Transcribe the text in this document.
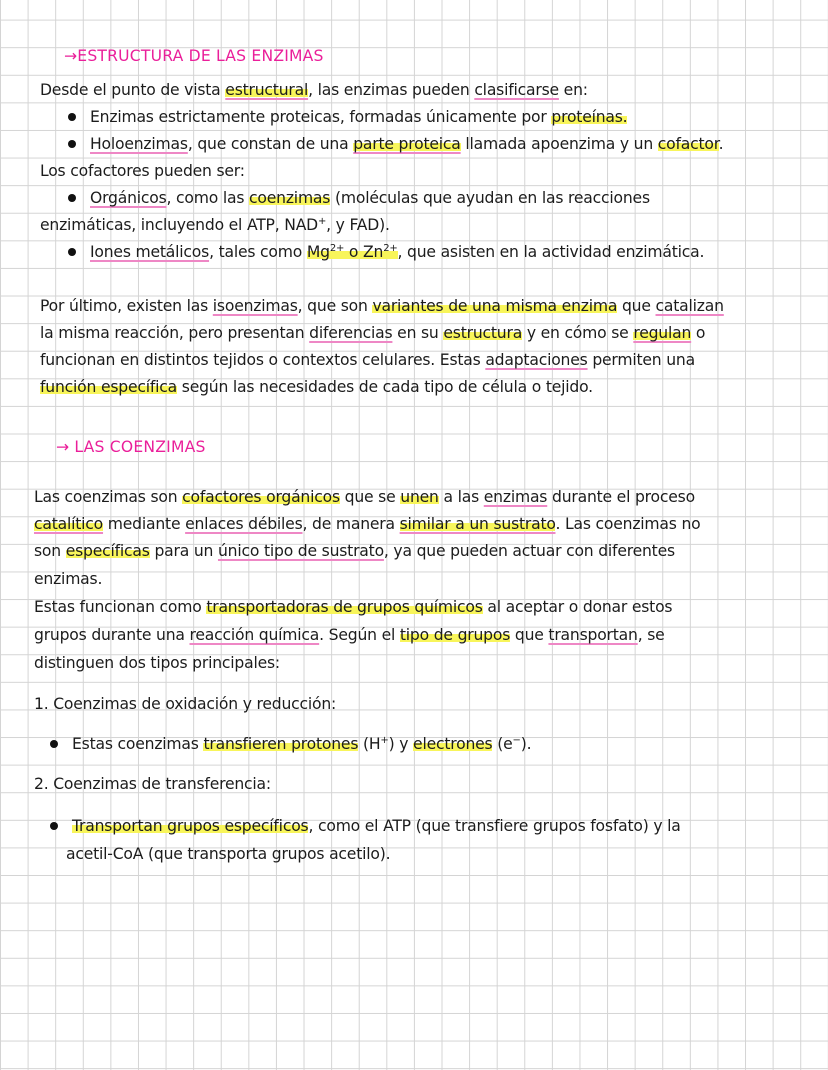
→ESTRUCTURA DE LAS ENZIMAS

Desde el punto de vista estructural, las enzimas pueden clasificarse en:

Enzimas estrictamente proteicas, formadas únicamente por proteínas.

Holoenzimas, que constan de una parte proteica llamada apoenzima y un cofactor.

Los cofactores pueden ser:

Orgánicos, como las coenzimas (moléculas que ayudan en las reacciones

enzimáticas, incluyendo el ATP, NAD+, y FAD).

Iones metálicos, tales como $Mg^{2+}$ o $Zn^{2+}$, que asisten en la actividad enzimática.

Por último, existen las isoenzimas, que son variantes de una misma enzima que catalizan

la misma reacción, pero presentan diferencias en su estructura y en cómo se regulan o

funcionan en distintos tejidos o contextos celulares. Estas adaptaciones permiten una

función específica según las necesidades de cada tipo de célula o tejido.

→ LAS COENZIMAS

Las coenzimas son cofactores orgánicos que se unen a las enzimas durante el proceso

catalítico mediante enlaces débiles, de manera similar a un sustrato. Las coenzimas no

son específicas para un único tipo de sustrato, ya que pueden actuar con diferentes

enzimas.

Estas funcionan como transportadoras de grupos químicos al aceptar o donar estos

grupos durante una reacción química. Según el tipo de grupos que transportan, se

distinguen dos tipos principales:

1. Coenzimas de oxidación y reducción:

Estas coenzimas transfieren protones (H+) y electrones (e−).

2. Coenzimas de transferencia:

Transportan grupos específicos, como el ATP (que transfiere grupos fosfato) y la

acetil-CoA (que transporta grupos acetilo).
